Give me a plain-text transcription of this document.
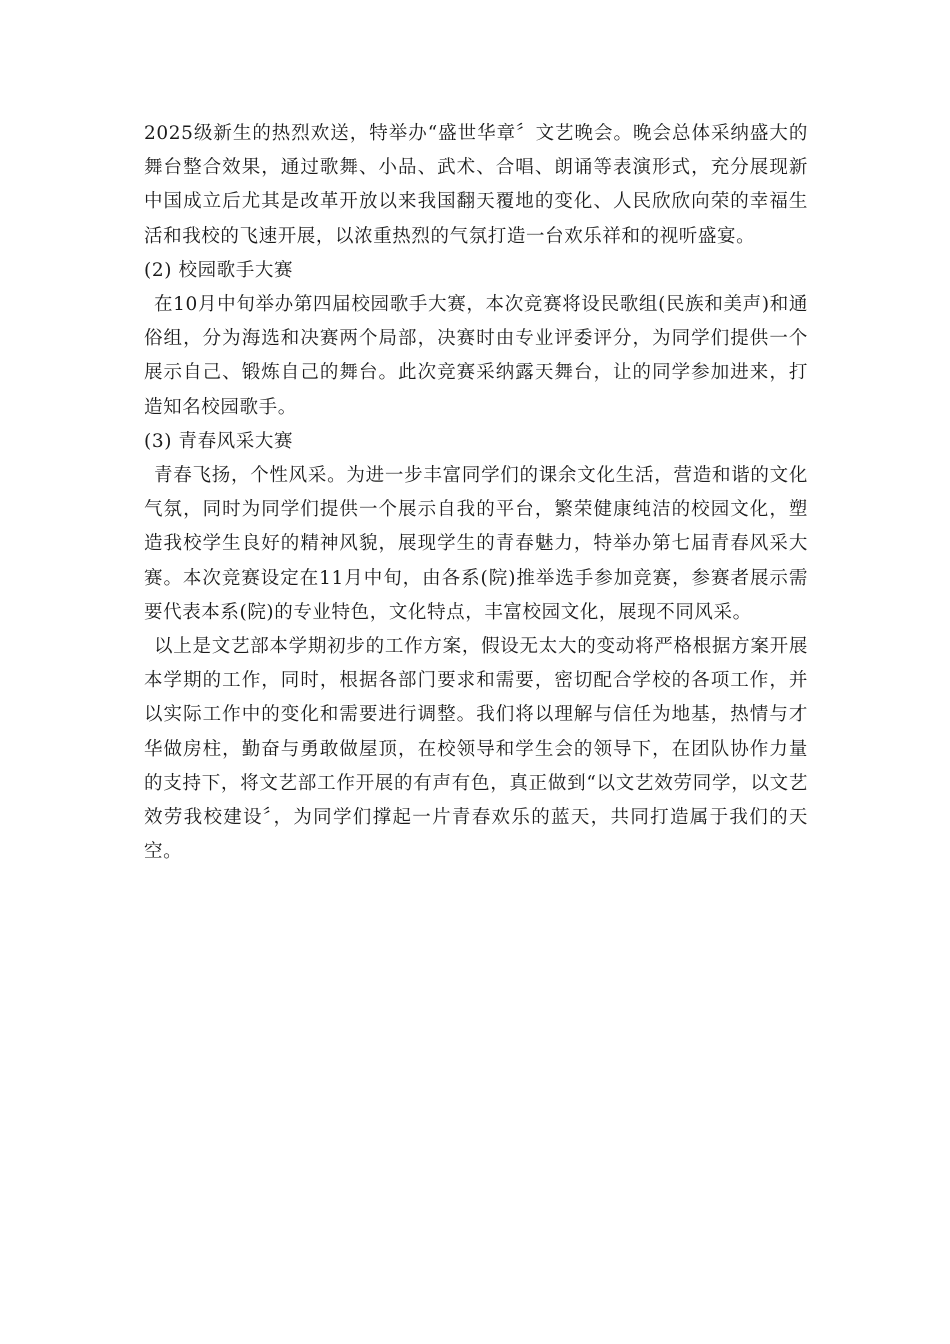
2025级新生的热烈欢送，特举办“盛世华章〞文艺晚会。晚会总体采纳盛大的舞台整合效果，通过歌舞、小品、武术、合唱、朗诵等表演形式，充分展现新中国成立后尤其是改革开放以来我国翻天覆地的变化、人民欣欣向荣的幸福生活和我校的飞速开展，以浓重热烈的气氛打造一台欢乐祥和的视听盛宴。

(2) 校园歌手大赛

在10月中旬举办第四届校园歌手大赛，本次竞赛将设民歌组(民族和美声)和通俗组，分为海选和决赛两个局部，决赛时由专业评委评分，为同学们提供一个展示自己、锻炼自己的舞台。此次竞赛采纳露天舞台，让的同学参加进来，打造知名校园歌手。

(3) 青春风采大赛

青春飞扬，个性风采。为进一步丰富同学们的课余文化生活，营造和谐的文化气氛，同时为同学们提供一个展示自我的平台，繁荣健康纯洁的校园文化，塑造我校学生良好的精神风貌，展现学生的青春魅力，特举办第七届青春风采大赛。本次竞赛设定在11月中旬，由各系(院)推举选手参加竞赛，参赛者展示需要代表本系(院)的专业特色，文化特点，丰富校园文化，展现不同风采。

以上是文艺部本学期初步的工作方案，假设无太大的变动将严格根据方案开展本学期的工作，同时，根据各部门要求和需要，密切配合学校的各项工作，并以实际工作中的变化和需要进行调整。我们将以理解与信任为地基，热情与才华做房柱，勤奋与勇敢做屋顶，在校领导和学生会的领导下，在团队协作力量的支持下，将文艺部工作开展的有声有色，真正做到“以文艺效劳同学，以文艺效劳我校建设〞，为同学们撑起一片青春欢乐的蓝天，共同打造属于我们的天空。
